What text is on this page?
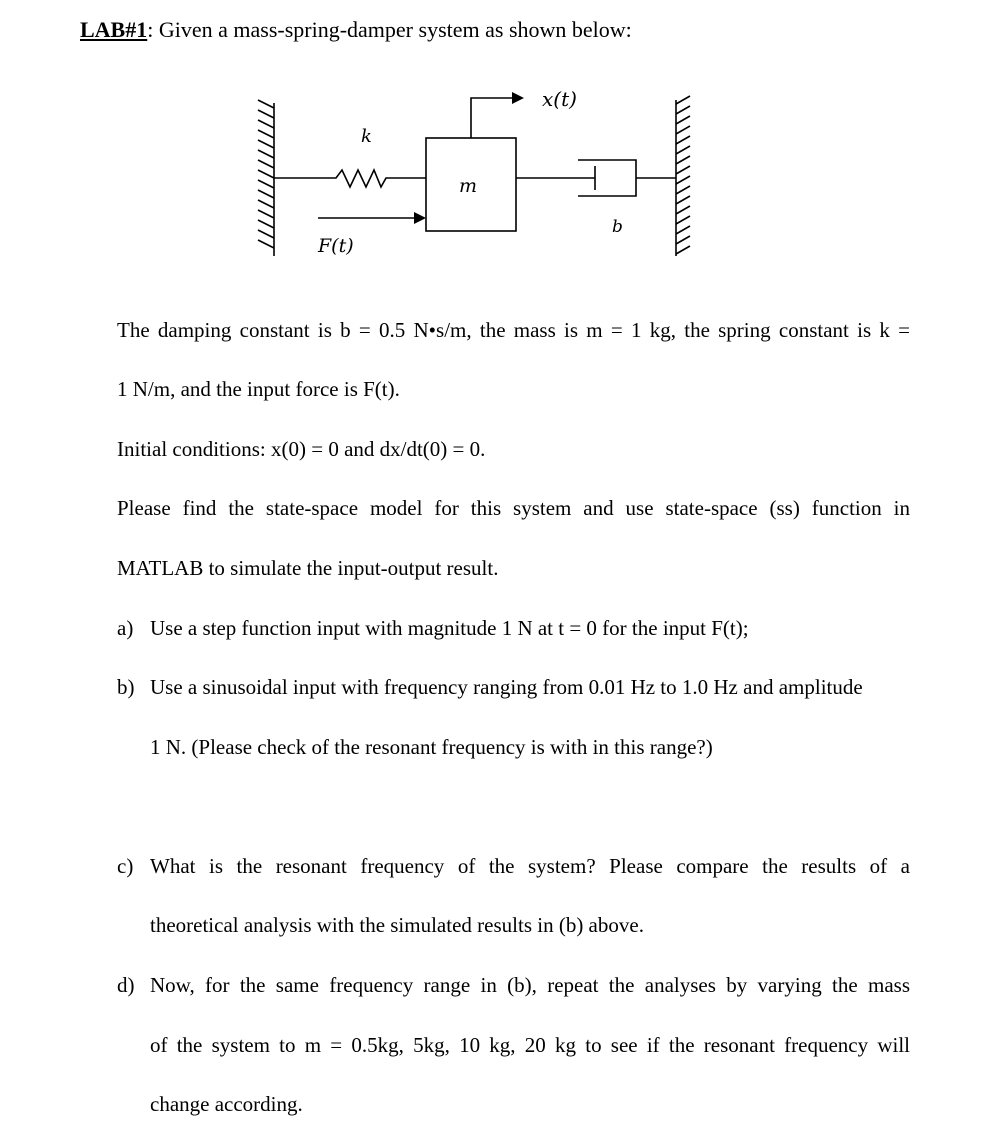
LAB#1: Given a mass-spring-damper system as shown below:
x(t)
k
m
b
F(t)
The damping constant is b = 0.5 N•s/m, the mass is m = 1 kg, the spring constant is k =
1 N/m, and the input force is F(t).
Initial conditions: x(0) = 0 and dx/dt(0) = 0.
Please find the state-space model for this system and use state-space (ss) function in
MATLAB to simulate the input-output result.
a) Use a step function input with magnitude 1 N at t = 0 for the input F(t);
b) Use a sinusoidal input with frequency ranging from 0.01 Hz to 1.0 Hz and amplitude
1 N. (Please check of the resonant frequency is with in this range?)
c) What is the resonant frequency of the system? Please compare the results of a
theoretical analysis with the simulated results in (b) above.
d) Now, for the same frequency range in (b), repeat the analyses by varying the mass
of the system to m = 0.5kg, 5kg, 10 kg, 20 kg to see if the resonant frequency will
change according.
